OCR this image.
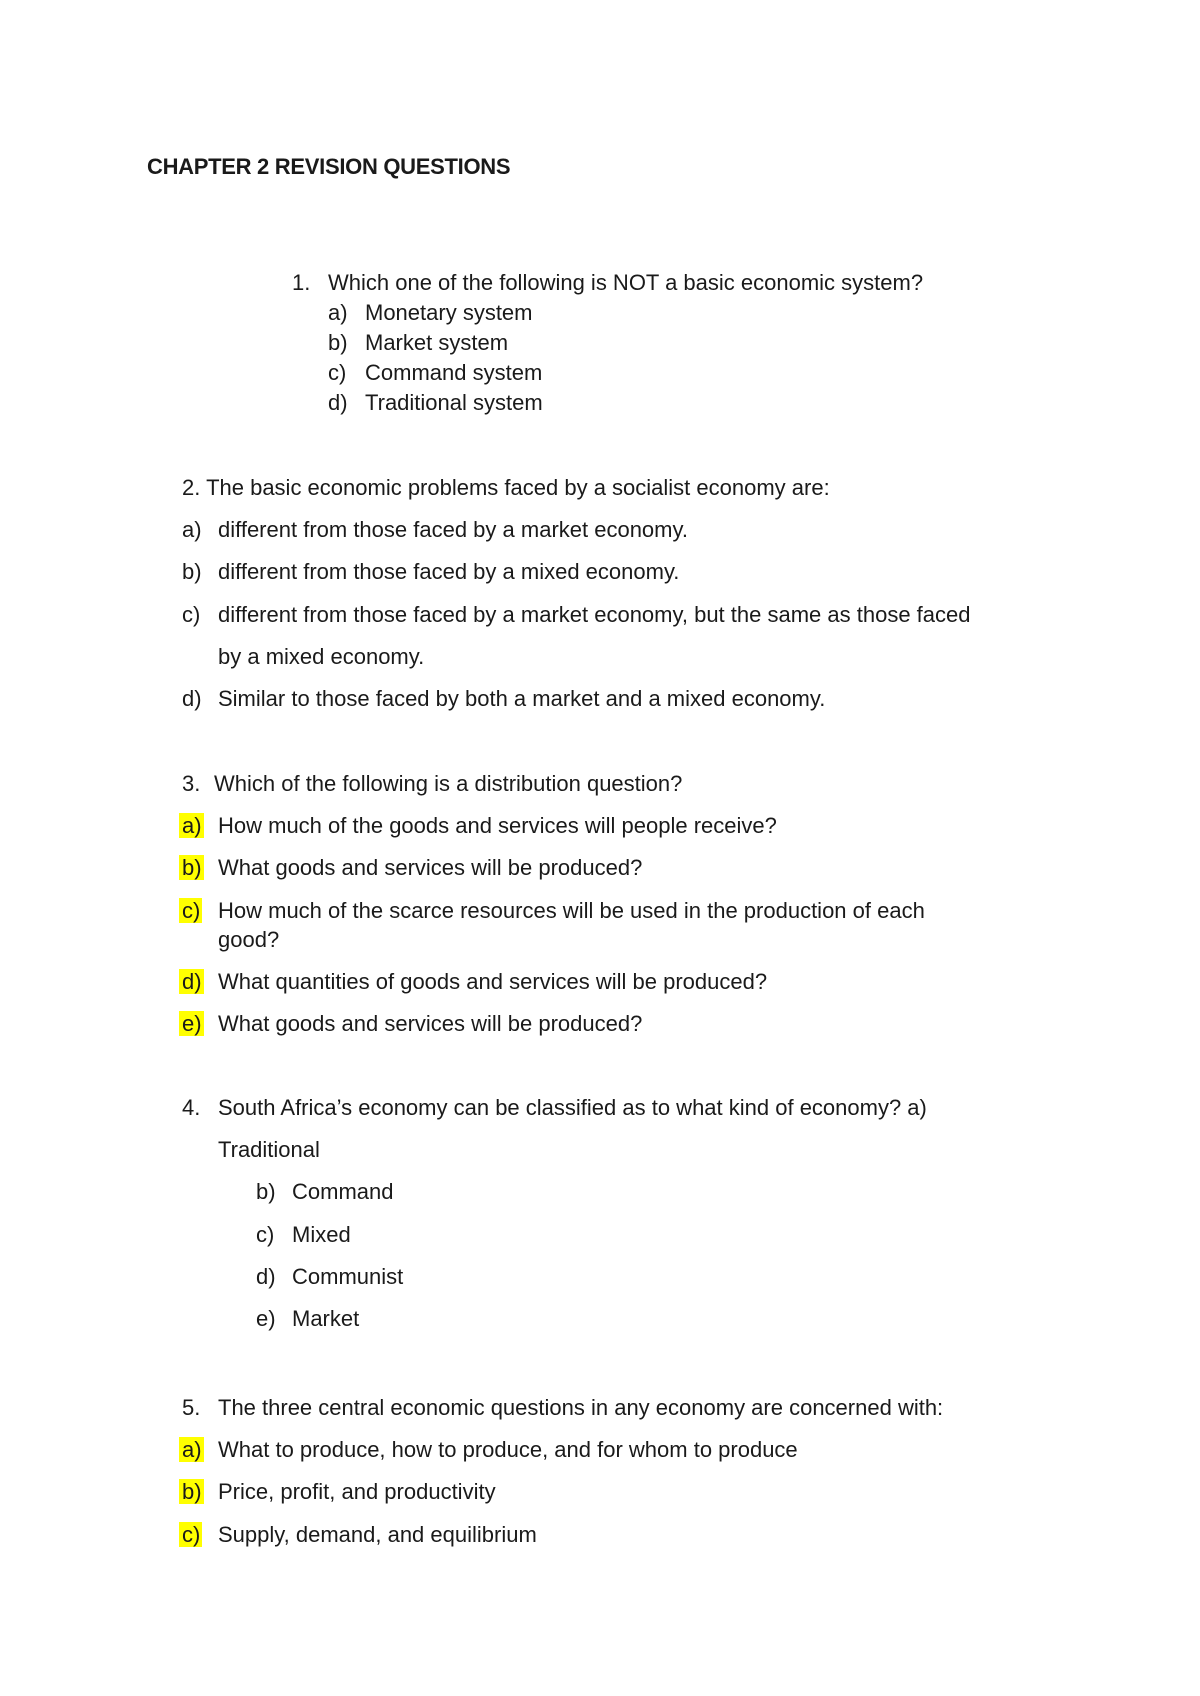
CHAPTER 2 REVISION QUESTIONS
1. Which one of the following is NOT a basic economic system?
a) Monetary system
b) Market system
c) Command system
d) Traditional system
2. The basic economic problems faced by a socialist economy are:
a) different from those faced by a market economy.
b) different from those faced by a mixed economy.
c) different from those faced by a market economy, but the same as those faced
by a mixed economy.
d) Similar to those faced by both a market and a mixed economy.
3. Which of the following is a distribution question?
a) How much of the goods and services will people receive?
b) What goods and services will be produced?
c) How much of the scarce resources will be used in the production of each
good?
d) What quantities of goods and services will be produced?
e) What goods and services will be produced?
4. South Africa’s economy can be classified as to what kind of economy? a)
Traditional
b) Command
c) Mixed
d) Communist
e) Market
5. The three central economic questions in any economy are concerned with:
a) What to produce, how to produce, and for whom to produce
b) Price, profit, and productivity
c) Supply, demand, and equilibrium
